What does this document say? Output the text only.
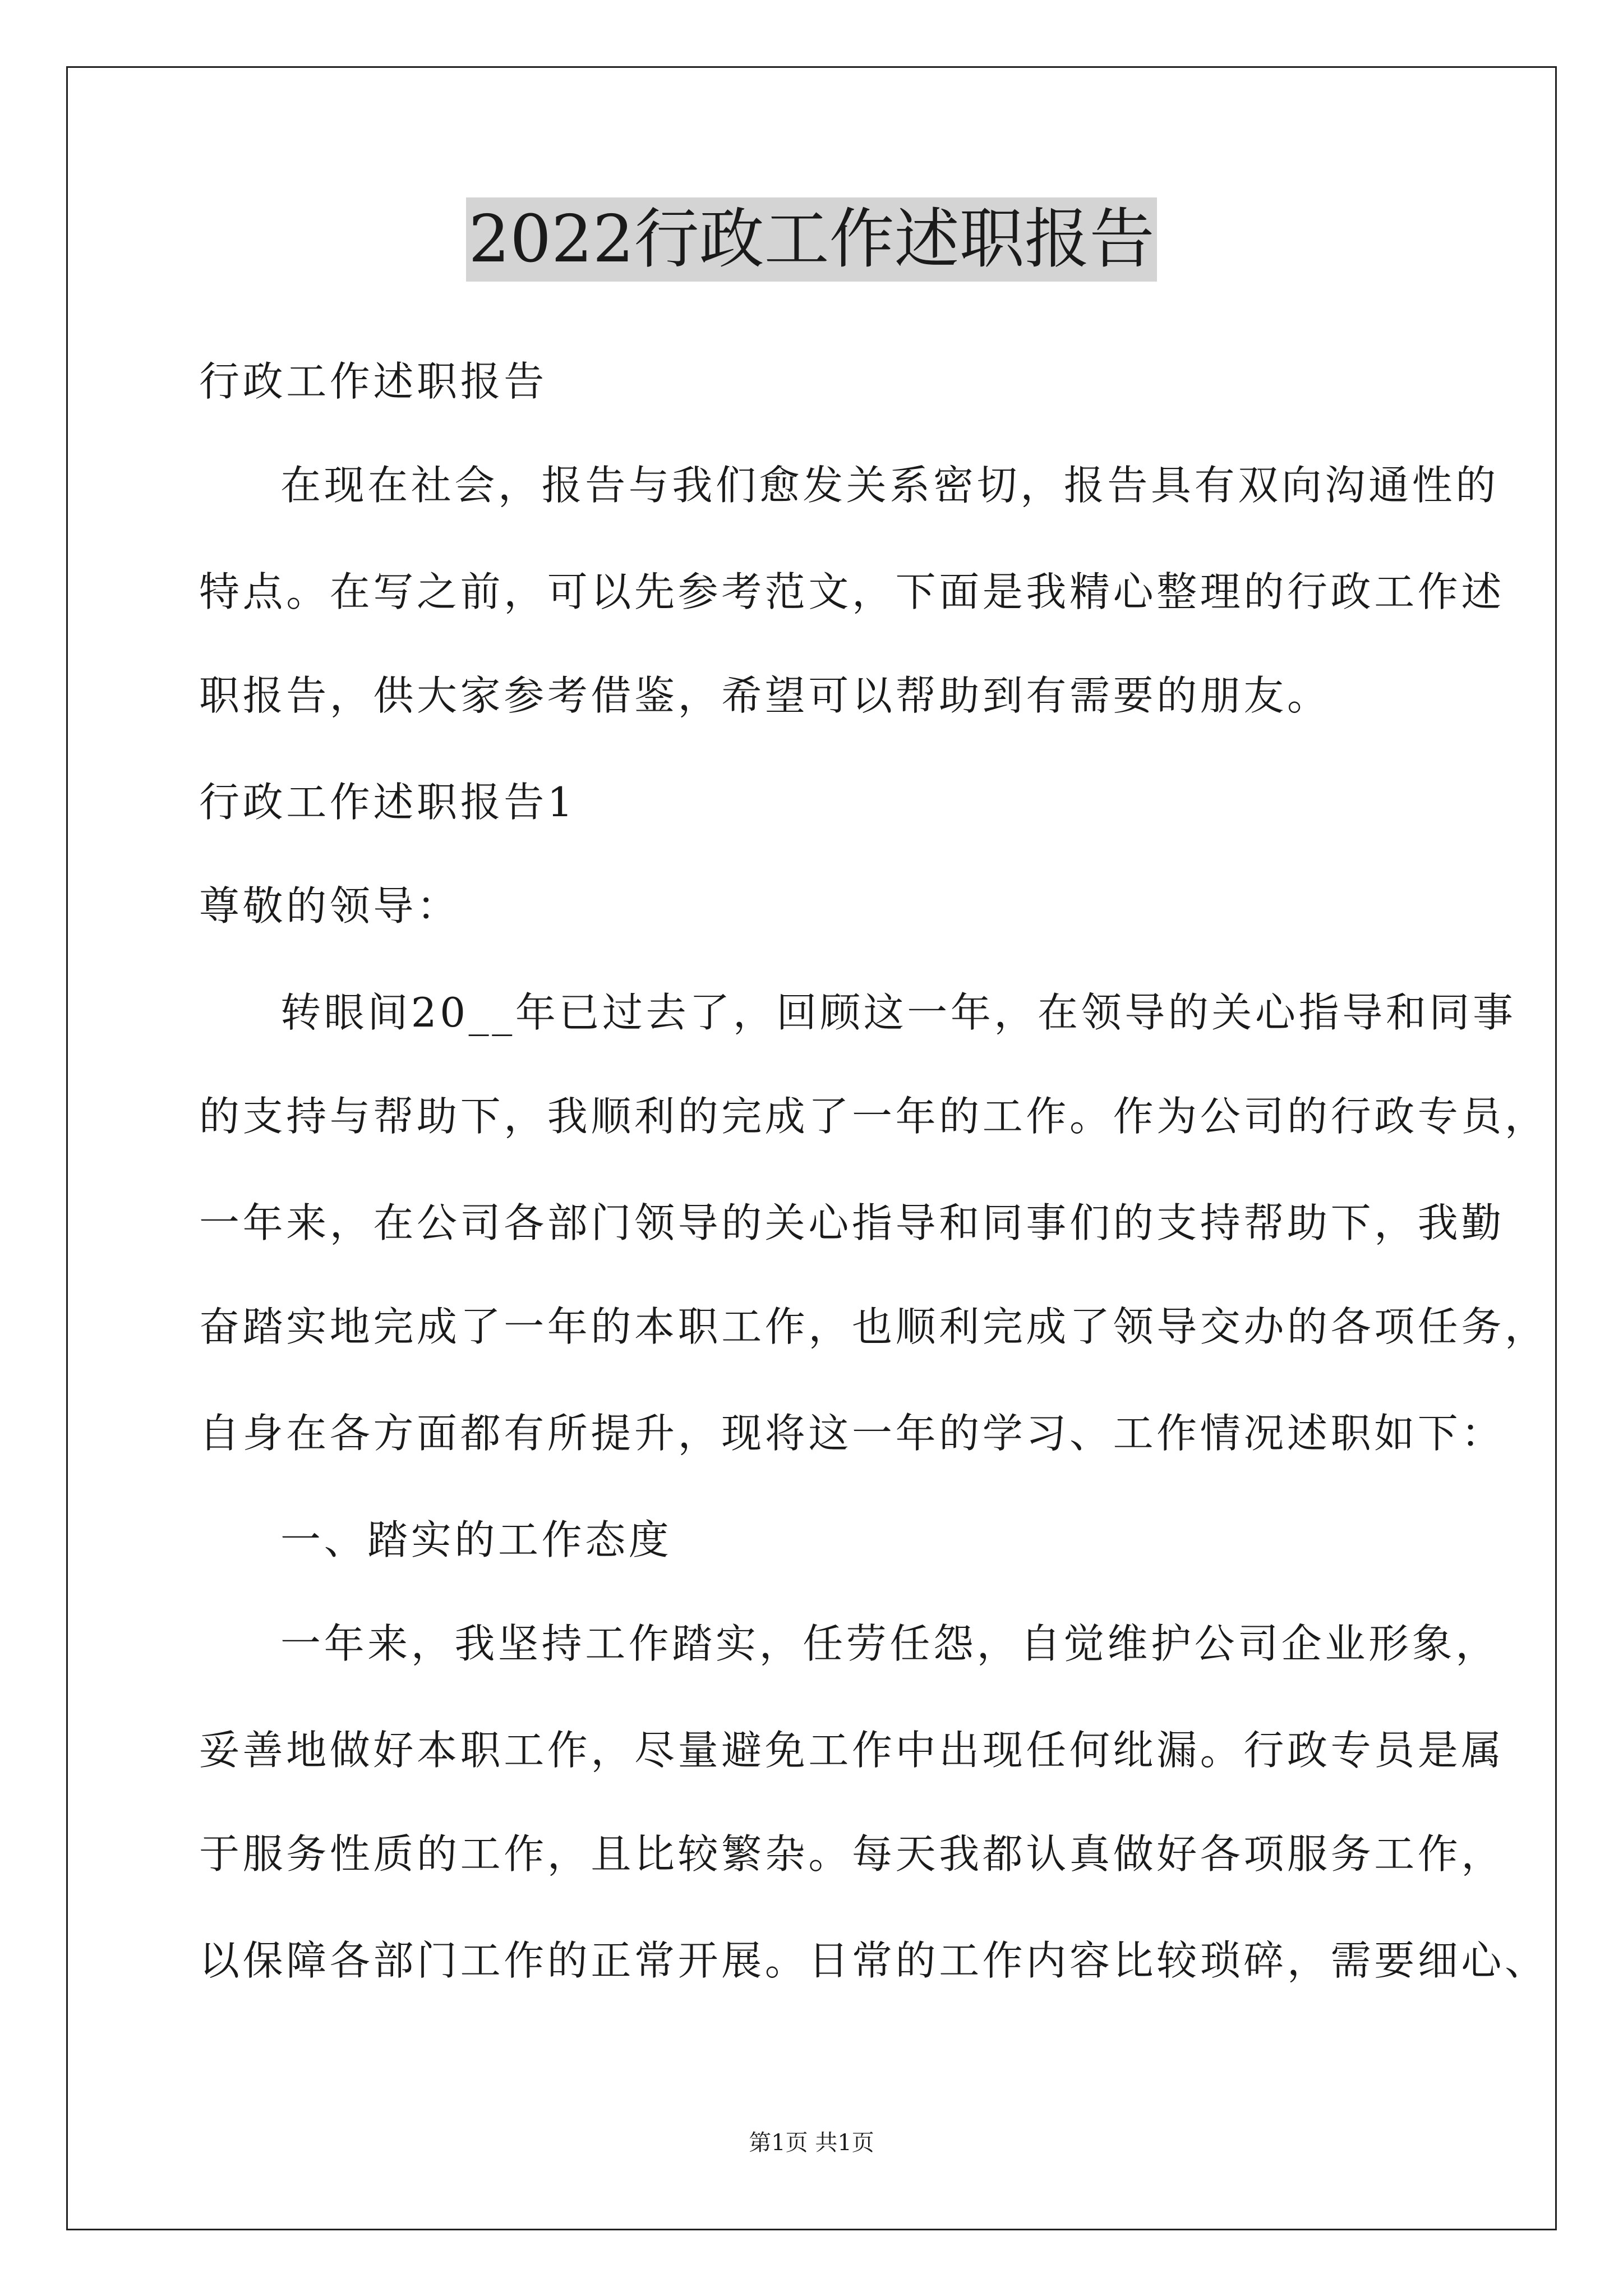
2022行政工作述职报告
行政工作述职报告
在现在社会，报告与我们愈发关系密切，报告具有双向沟通性的
特点。在写之前，可以先参考范文，下面是我精心整理的行政工作述
职报告，供大家参考借鉴，希望可以帮助到有需要的朋友。
行政工作述职报告1
尊敬的领导：
转眼间20__年已过去了，回顾这一年，在领导的关心指导和同事
的支持与帮助下，我顺利的完成了一年的工作。作为公司的行政专员，
一年来，在公司各部门领导的关心指导和同事们的支持帮助下，我勤
奋踏实地完成了一年的本职工作，也顺利完成了领导交办的各项任务，
自身在各方面都有所提升，现将这一年的学习、工作情况述职如下：
一、踏实的工作态度
一年来，我坚持工作踏实，任劳任怨，自觉维护公司企业形象，
妥善地做好本职工作，尽量避免工作中出现任何纰漏。行政专员是属
于服务性质的工作，且比较繁杂。每天我都认真做好各项服务工作，
以保障各部门工作的正常开展。日常的工作内容比较琐碎，需要细心、
第1页 共1页
